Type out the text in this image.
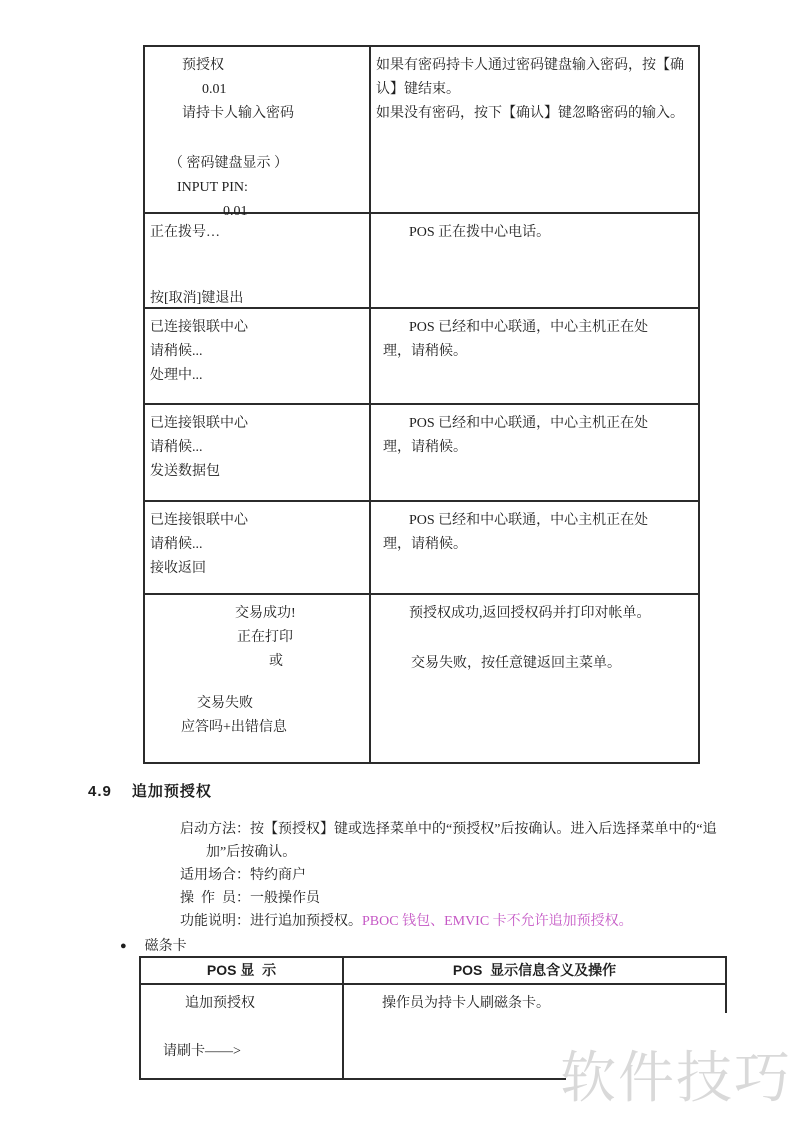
预授权
0.01
请持卡人输入密码

（ 密码键盘显示 ）
INPUT PIN:
0.01
如果有密码持卡人通过密码键盘输入密码，按【确
认】键结束。
如果没有密码，按下【确认】键忽略密码的输入。
正在拨号…

按[取消]键退出
POS 正在拨中心电话。
已连接银联中心
请稍候...
处理中...
POS 已经和中心联通，中心主机正在处
理，请稍候。
已连接银联中心
请稍候...
发送数据包
POS 已经和中心联通，中心主机正在处
理，请稍候。
已连接银联中心
请稍候...
接收返回
POS 已经和中心联通，中心主机正在处
理，请稍候。
交易成功!
正在打印
或

交易失败
应答吗+出错信息
预授权成功,返回授权码并打印对帐单。

交易失败，按任意键返回主菜单。
4.9 追加预授权
启动方法：按【预授权】键或选择菜单中的“预授权”后按确认。进入后选择菜单中的“追
加”后按确认。
适用场合：特约商户
操  作  员：一般操作员
功能说明：进行追加预授权。PBOC 钱包、EMVIC 卡不允许追加预授权。
● 磁条卡
POS 显  示	POS  显示信息含义及操作
追加预授权

请刷卡——>
操作员为持卡人刷磁条卡。
软件技巧
